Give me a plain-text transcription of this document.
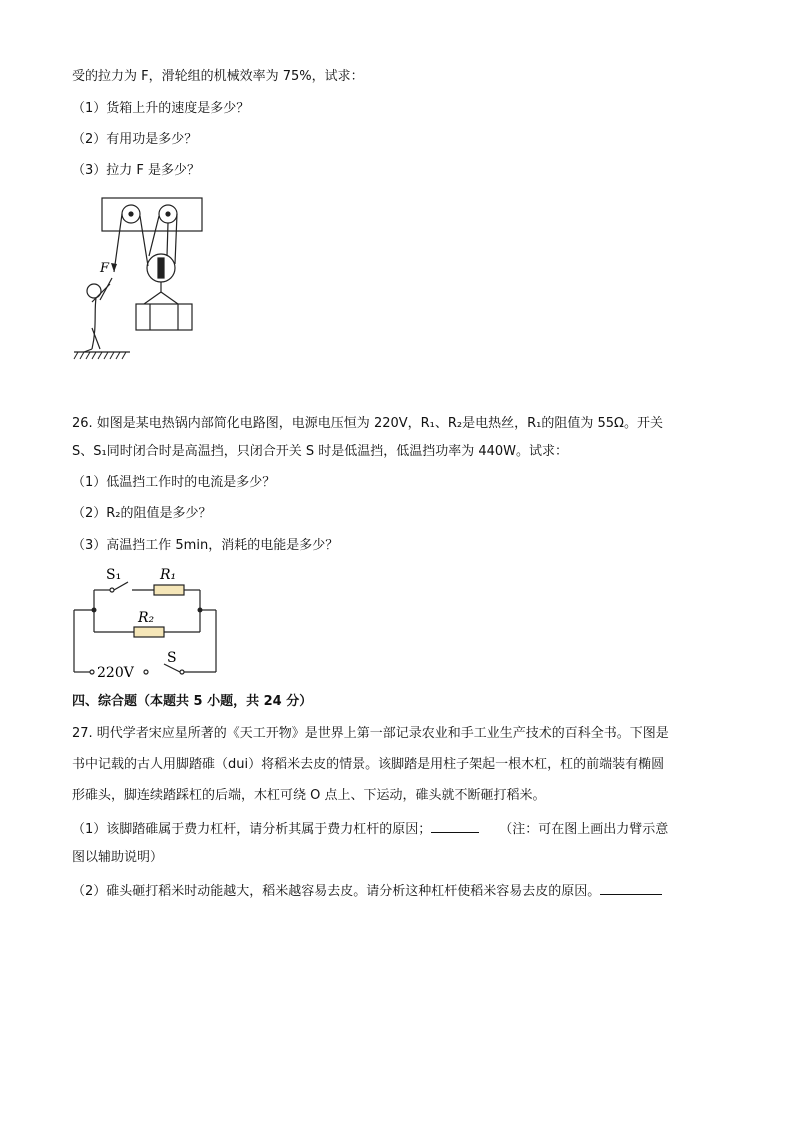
受的拉力为 F，滑轮组的机械效率为 75%，试求：
（1）货箱上升的速度是多少？
（2）有用功是多少？
（3）拉力 F 是多少？
F
26. 如图是某电热锅内部简化电路图，电源电压恒为 220V，R₁、R₂是电热丝，R₁的阻值为 55Ω。开关
S、S₁同时闭合时是高温挡，只闭合开关 S 时是低温挡，低温挡功率为 440W。试求：
（1）低温挡工作时的电流是多少？
（2）R₂的阻值是多少？
（3）高温挡工作 5min，消耗的电能是多少？
S₁	R₁
R₂
220V
S
四、综合题（本题共 5 小题，共 24 分）
27. 明代学者宋应星所著的《天工开物》是世界上第一部记录农业和手工业生产技术的百科全书。下图是
书中记载的古人用脚踏碓（dui）将稻米去皮的情景。该脚踏是用柱子架起一根木杠，杠的前端装有椭圆
形碓头，脚连续踏踩杠的后端，木杠可绕 O 点上、下运动，碓头就不断砸打稻米。
（1）该脚踏碓属于费力杠杆，请分析其属于费力杠杆的原因；	（注：可在图上画出力臂示意
图以辅助说明）
（2）碓头砸打稻米时动能越大，稻米越容易去皮。请分析这种杠杆使稻米容易去皮的原因。
